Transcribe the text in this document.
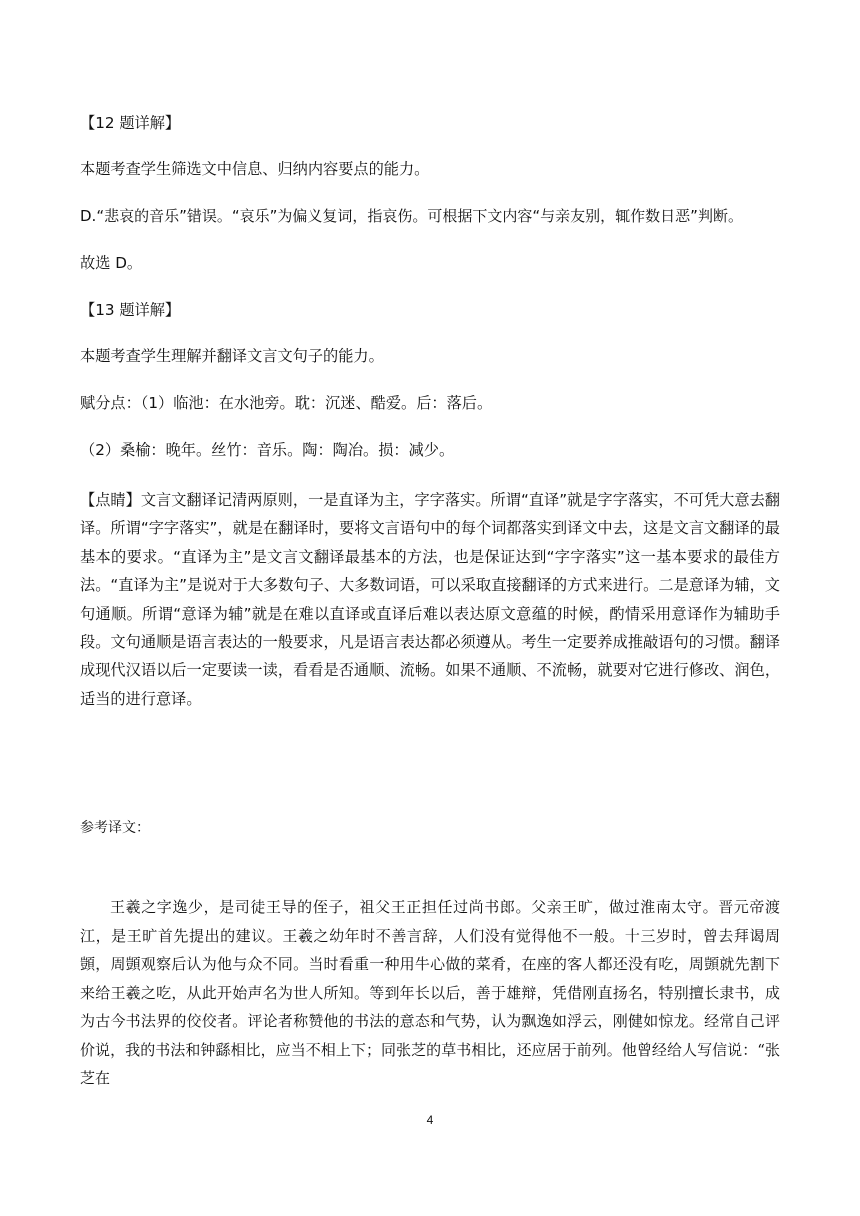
【12 题详解】
本题考查学生筛选文中信息、归纳内容要点的能力。
D.“悲哀的音乐”错误。“哀乐”为偏义复词，指哀伤。可根据下文内容“与亲友别，辄作数日恶”判断。
故选 D。
【13 题详解】
本题考查学生理解并翻译文言文句子的能力。
赋分点：（1）临池：在水池旁。耽：沉迷、酷爱。后：落后。
（2）桑榆：晚年。丝竹：音乐。陶：陶冶。损：减少。
【点睛】文言文翻译记清两原则，一是直译为主，字字落实。所谓“直译”就是字字落实，不可凭大意去翻译。所谓“字字落实”，就是在翻译时，要将文言语句中的每个词都落实到译文中去，这是文言文翻译的最基本的要求。“直译为主”是文言文翻译最基本的方法，也是保证达到“字字落实”这一基本要求的最佳方法。“直译为主”是说对于大多数句子、大多数词语，可以采取直接翻译的方式来进行。二是意译为辅，文句通顺。所谓“意译为辅”就是在难以直译或直译后难以表达原文意蕴的时候，酌情采用意译作为辅助手段。文句通顺是语言表达的一般要求，凡是语言表达都必须遵从。考生一定要养成推敲语句的习惯。翻译成现代汉语以后一定要读一读，看看是否通顺、流畅。如果不通顺、不流畅，就要对它进行修改、润色，适当的进行意译。
参考译文：
王羲之字逸少，是司徒王导的侄子，祖父王正担任过尚书郎。父亲王旷，做过淮南太守。晋元帝渡江，是王旷首先提出的建议。王羲之幼年时不善言辞，人们没有觉得他不一般。十三岁时，曾去拜谒周顗，周顗观察后认为他与众不同。当时看重一种用牛心做的菜肴，在座的客人都还没有吃，周顗就先割下来给王羲之吃，从此开始声名为世人所知。等到年长以后，善于雄辩，凭借刚直扬名，特别擅长隶书，成为古今书法界的佼佼者。评论者称赞他的书法的意态和气势，认为飘逸如浮云，刚健如惊龙。经常自己评价说，我的书法和钟繇相比，应当不相上下；同张芝的草书相比，还应居于前列。他曾经给人写信说：“张芝在
4
